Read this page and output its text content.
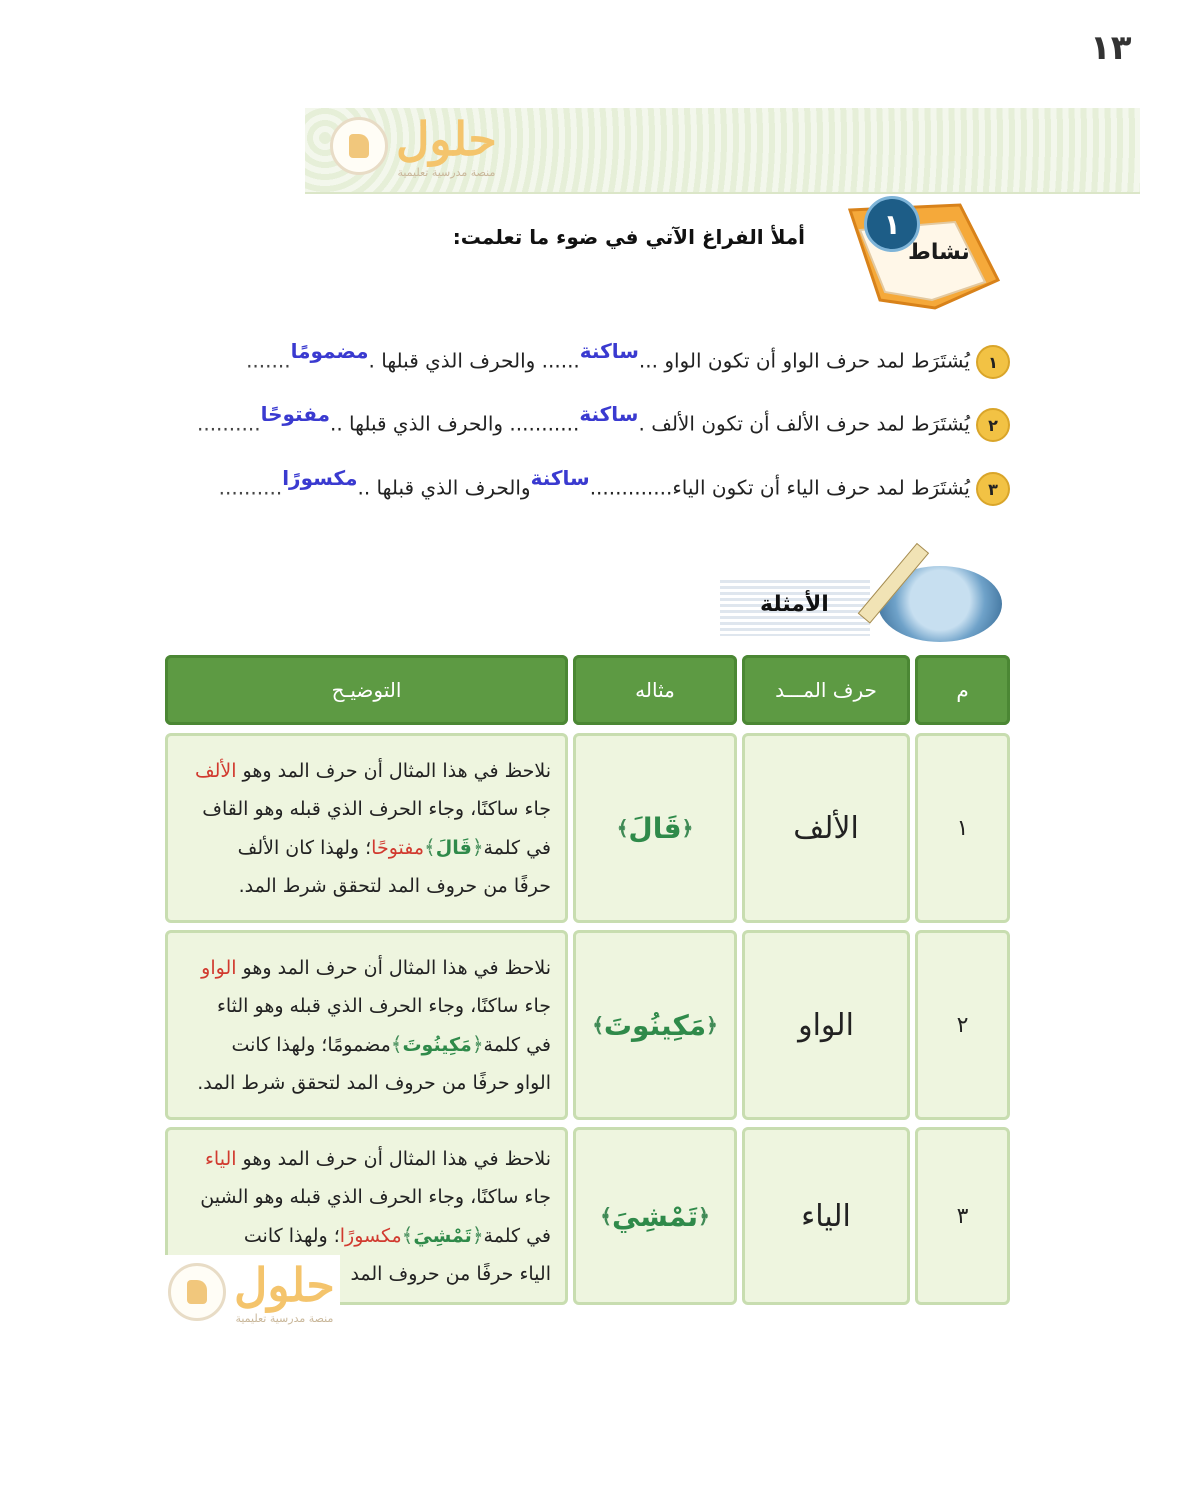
١٣
حلول
منصة مدرسية تعليمية
١
نشاط
أملأ الفراغ الآتي في ضوء ما تعلمت:
١يُشتَرَط لمد حرف الواو أن تكون الواو ...ساكنة...... والحرف الذي قبلها .مضمومًا.......
٢يُشتَرَط لمد حرف الألف أن تكون الألف .ساكنة........... والحرف الذي قبلها ..مفتوحًا..........
٣يُشتَرَط لمد حرف الياء أن تكون الياء.............ساكنةوالحرف الذي قبلها ..مكسورًا..........
الأمثلة
م
حرف المـــد
مثاله
التوضيـح
١
الألف
﴿
قَالَ
﴾
نلاحظ في هذا المثال أن حرف المد وهو الألف
جاء ساكنًا، وجاء الحرف الذي قبله وهو القاف
في كلمة﴿قَالَ﴾مفتوحًا؛ ولهذا كان الألف
حرفًا من حروف المد لتحقق شرط المد.
٢
الواو
﴿
مَكِينُوتَ
﴾
نلاحظ في هذا المثال أن حرف المد وهو الواو
جاء ساكنًا، وجاء الحرف الذي قبله وهو الثاء
في كلمة﴿مَكِينُوتَ﴾مضمومًا؛ ولهذا كانت
الواو حرفًا من حروف المد لتحقق شرط المد.
٣
الياء
﴿
تَمْشِيَ
﴾
نلاحظ في هذا المثال أن حرف المد وهو الياء
جاء ساكنًا، وجاء الحرف الذي قبله وهو الشين
في كلمة﴿تَمْشِيَ﴾مكسورًا؛ ولهذا كانت
الياء حرفًا من حروف المد
حلول
منصة مدرسية تعليمية
